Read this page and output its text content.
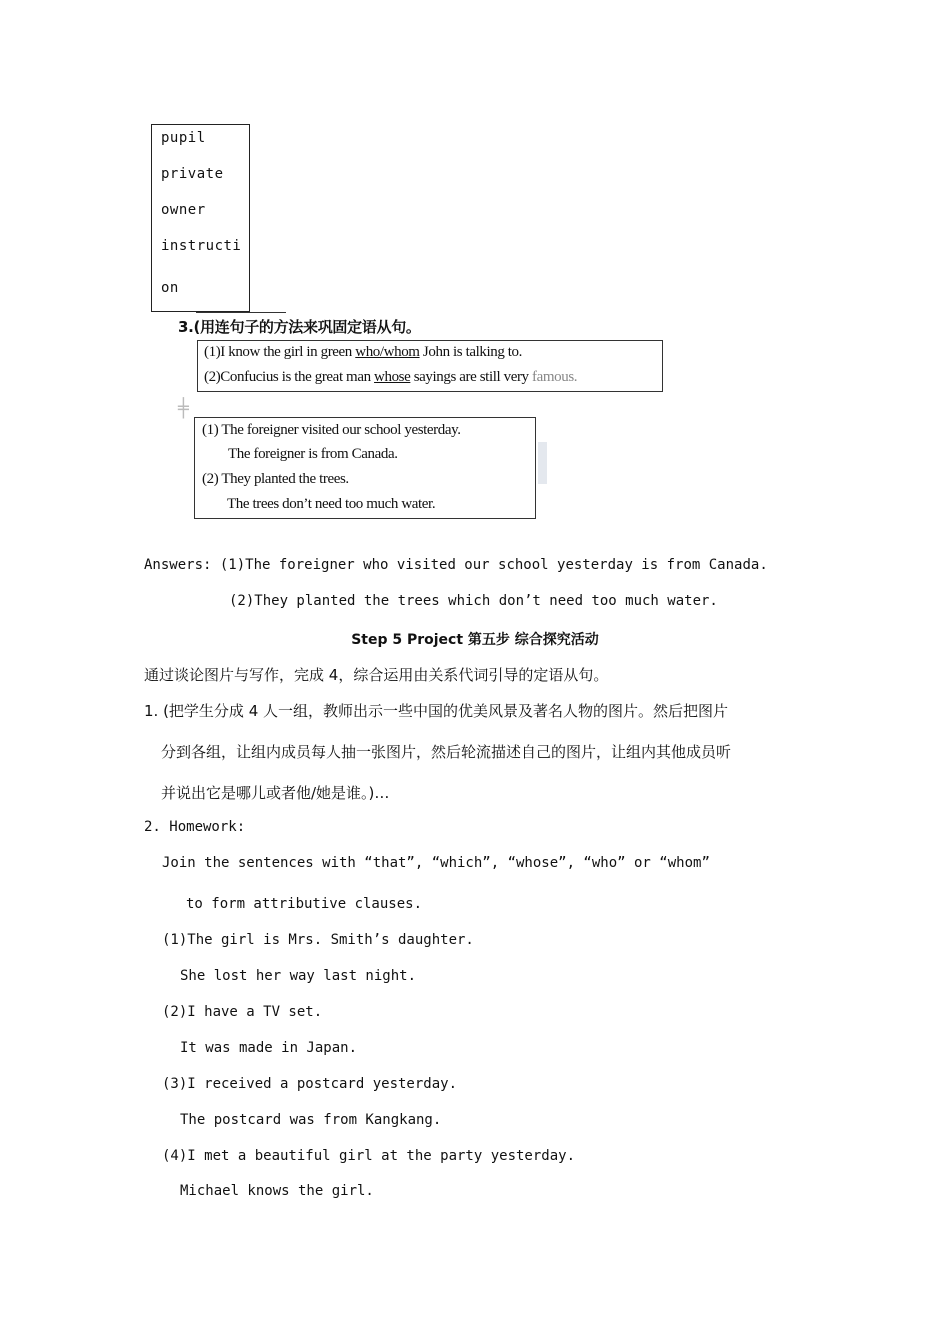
pupil
private
owner
instructi
on
3.(用连句子的方法来巩固定语从句。
(1)I know the girl in green who/whom John is talking to.
(2)Confucius is the great man whose sayings are still very famous.
╪
(1) The foreigner visited our school yesterday.
The foreigner is from Canada.
(2) They planted the trees.
The trees don’t need too much water.
Answers: (1)The foreigner who visited our school yesterday is from Canada.
(2)They planted the trees which don’t need too much water.
Step 5 Project 第五步 综合探究活动
通过谈论图片与写作，完成 4，综合运用由关系代词引导的定语从句。
1. (把学生分成 4 人一组，教师出示一些中国的优美风景及著名人物的图片。然后把图片
分到各组，让组内成员每人抽一张图片，然后轮流描述自己的图片，让组内其他成员听
并说出它是哪儿或者他/她是谁。)…
2. Homework:
Join the sentences with “that”, “which”, “whose”, “who” or “whom”
to form attributive clauses.
(1)The girl is Mrs. Smith’s daughter.
She lost her way last night.
(2)I have a TV set.
It was made in Japan.
(3)I received a postcard yesterday.
The postcard was from Kangkang.
(4)I met a beautiful girl at the party yesterday.
Michael knows the girl.
